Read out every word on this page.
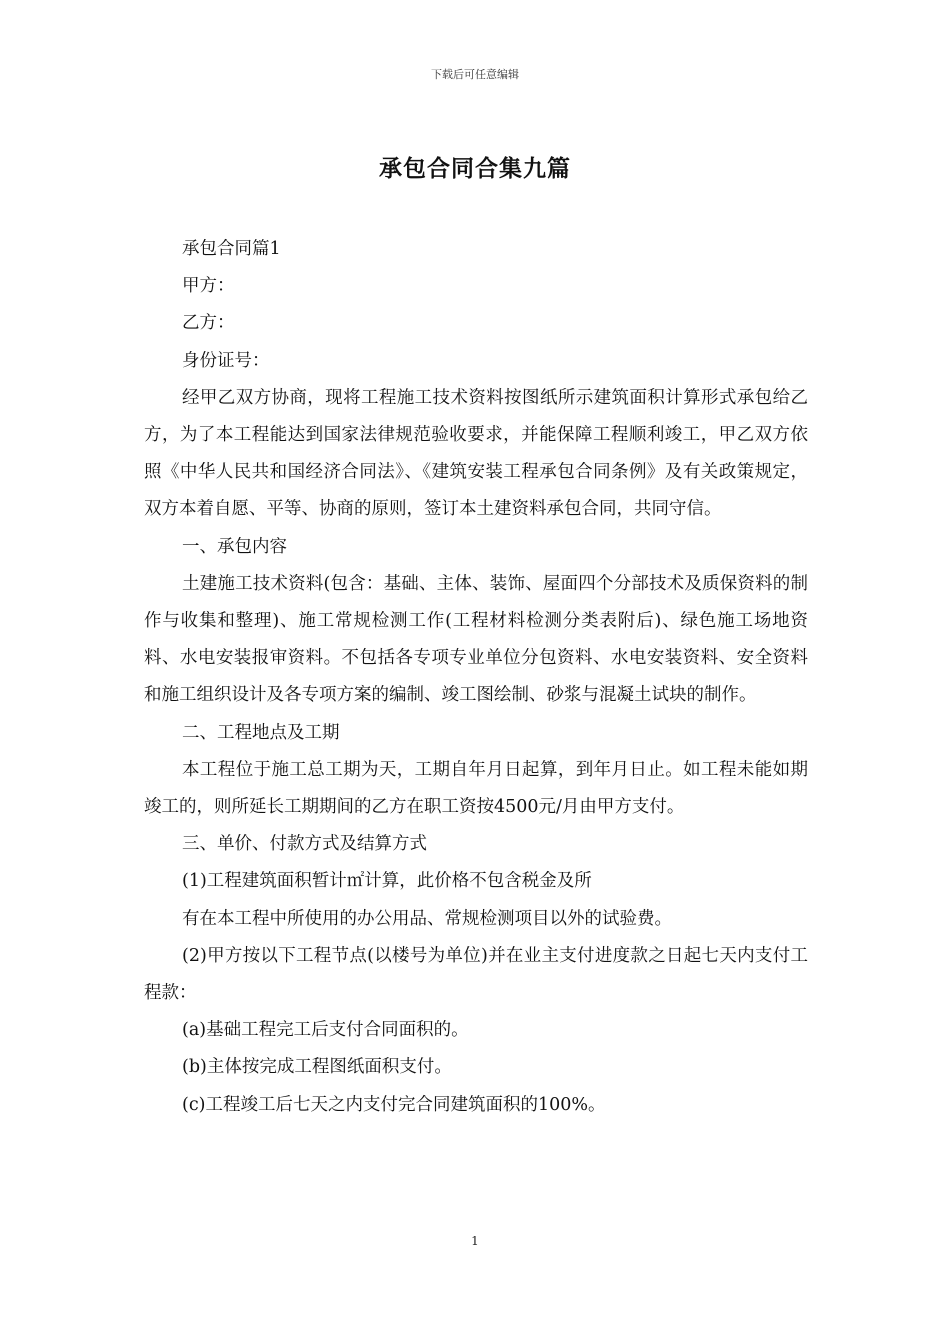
下载后可任意编辑
承包合同合集九篇

承包合同篇1

甲方：

乙方：

身份证号：

经甲乙双方协商，现将工程施工技术资料按图纸所示建筑面积计算形式承包给乙方，为了本工程能达到国家法律规范验收要求，并能保障工程顺利竣工，甲乙双方依照《中华人民共和国经济合同法》、《建筑安装工程承包合同条例》及有关政策规定，双方本着自愿、平等、协商的原则，签订本土建资料承包合同，共同守信。

一、承包内容

土建施工技术资料(包含：基础、主体、装饰、屋面四个分部技术及质保资料的制作与收集和整理)、施工常规检测工作(工程材料检测分类表附后)、绿色施工场地资料、水电安装报审资料。不包括各专项专业单位分包资料、水电安装资料、安全资料和施工组织设计及各专项方案的编制、竣工图绘制、砂浆与混凝土试块的制作。

二、工程地点及工期

本工程位于施工总工期为天，工期自年月日起算，到年月日止。如工程未能如期竣工的，则所延长工期期间的乙方在职工资按4500元/月由甲方支付。

三、单价、付款方式及结算方式

(1)工程建筑面积暂计㎡计算，此价格不包含税金及所

有在本工程中所使用的办公用品、常规检测项目以外的试验费。

(2)甲方按以下工程节点(以楼号为单位)并在业主支付进度款之日起七天内支付工程款：

(a)基础工程完工后支付合同面积的。

(b)主体按完成工程图纸面积支付。

(c)工程竣工后七天之内支付完合同建筑面积的100%。

1
